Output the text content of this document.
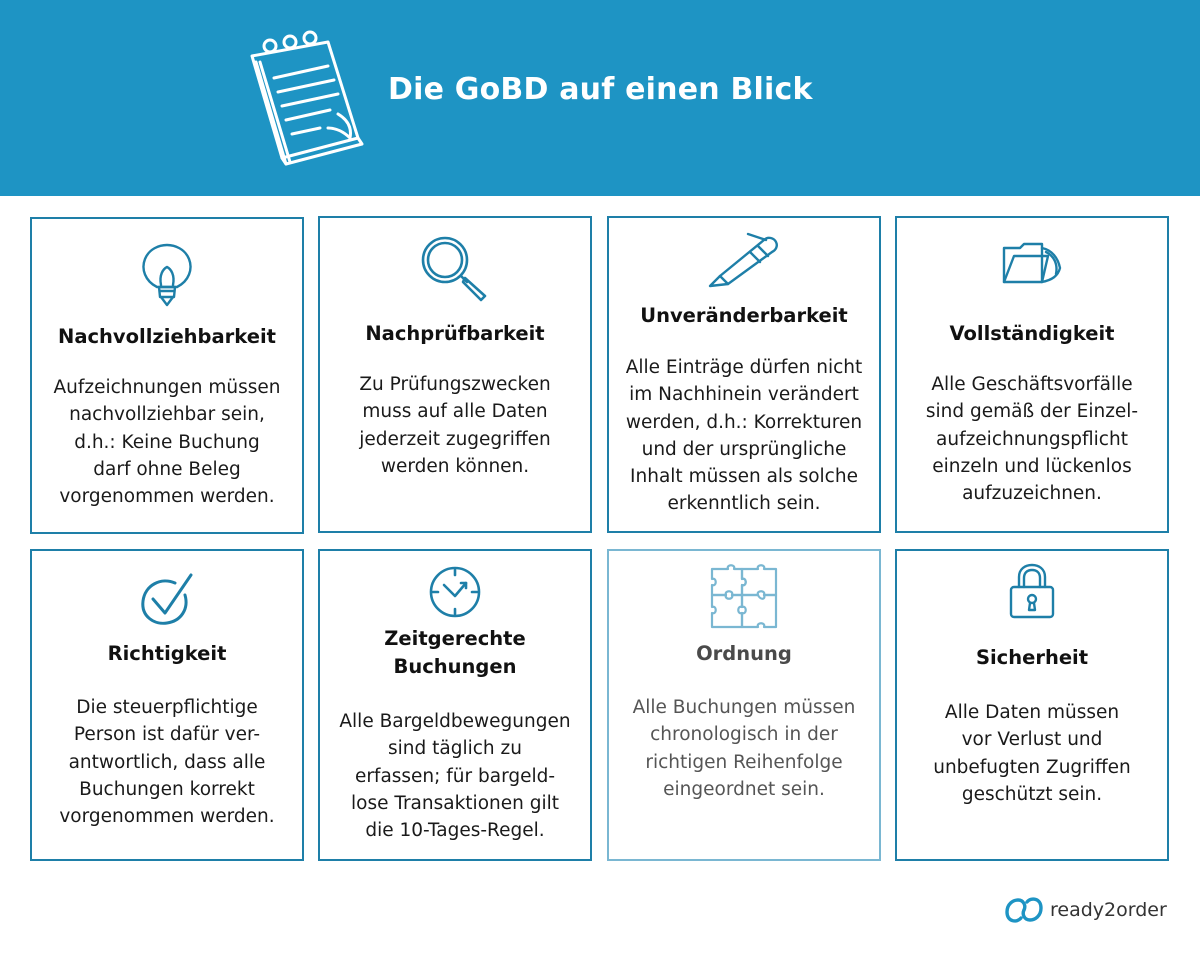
Die GoBD auf einen Blick
Nachvollziehbarkeit

Aufzeichnungen müssen
nachvollziehbar sein,
d.h.: Keine Buchung
darf ohne Beleg
vorgenommen werden.

Nachprüfbarkeit

Zu Prüfungszwecken
muss auf alle Daten
jederzeit zugegriffen
werden können.

Unveränderbarkeit

Alle Einträge dürfen nicht
im Nachhinein verändert
werden, d.h.: Korrekturen
und der ursprüngliche
Inhalt müssen als solche
erkenntlich sein.

Vollständigkeit

Alle Geschäftsvorfälle
sind gemäß der Einzel-
aufzeichnungspflicht
einzeln und lückenlos
aufzuzeichnen.

Richtigkeit

Die steuerpflichtige
Person ist dafür ver-
antwortlich, dass alle
Buchungen korrekt
vorgenommen werden.

Zeitgerechte
Buchungen

Alle Bargeldbewegungen
sind täglich zu
erfassen; für bargeld-
lose Transaktionen gilt
die 10-Tages-Regel.

Ordnung

Alle Buchungen müssen
chronologisch in der
richtigen Reihenfolge
eingeordnet sein.

Sicherheit

Alle Daten müssen
vor Verlust und
unbefugten Zugriffen
geschützt sein.

ready2order
